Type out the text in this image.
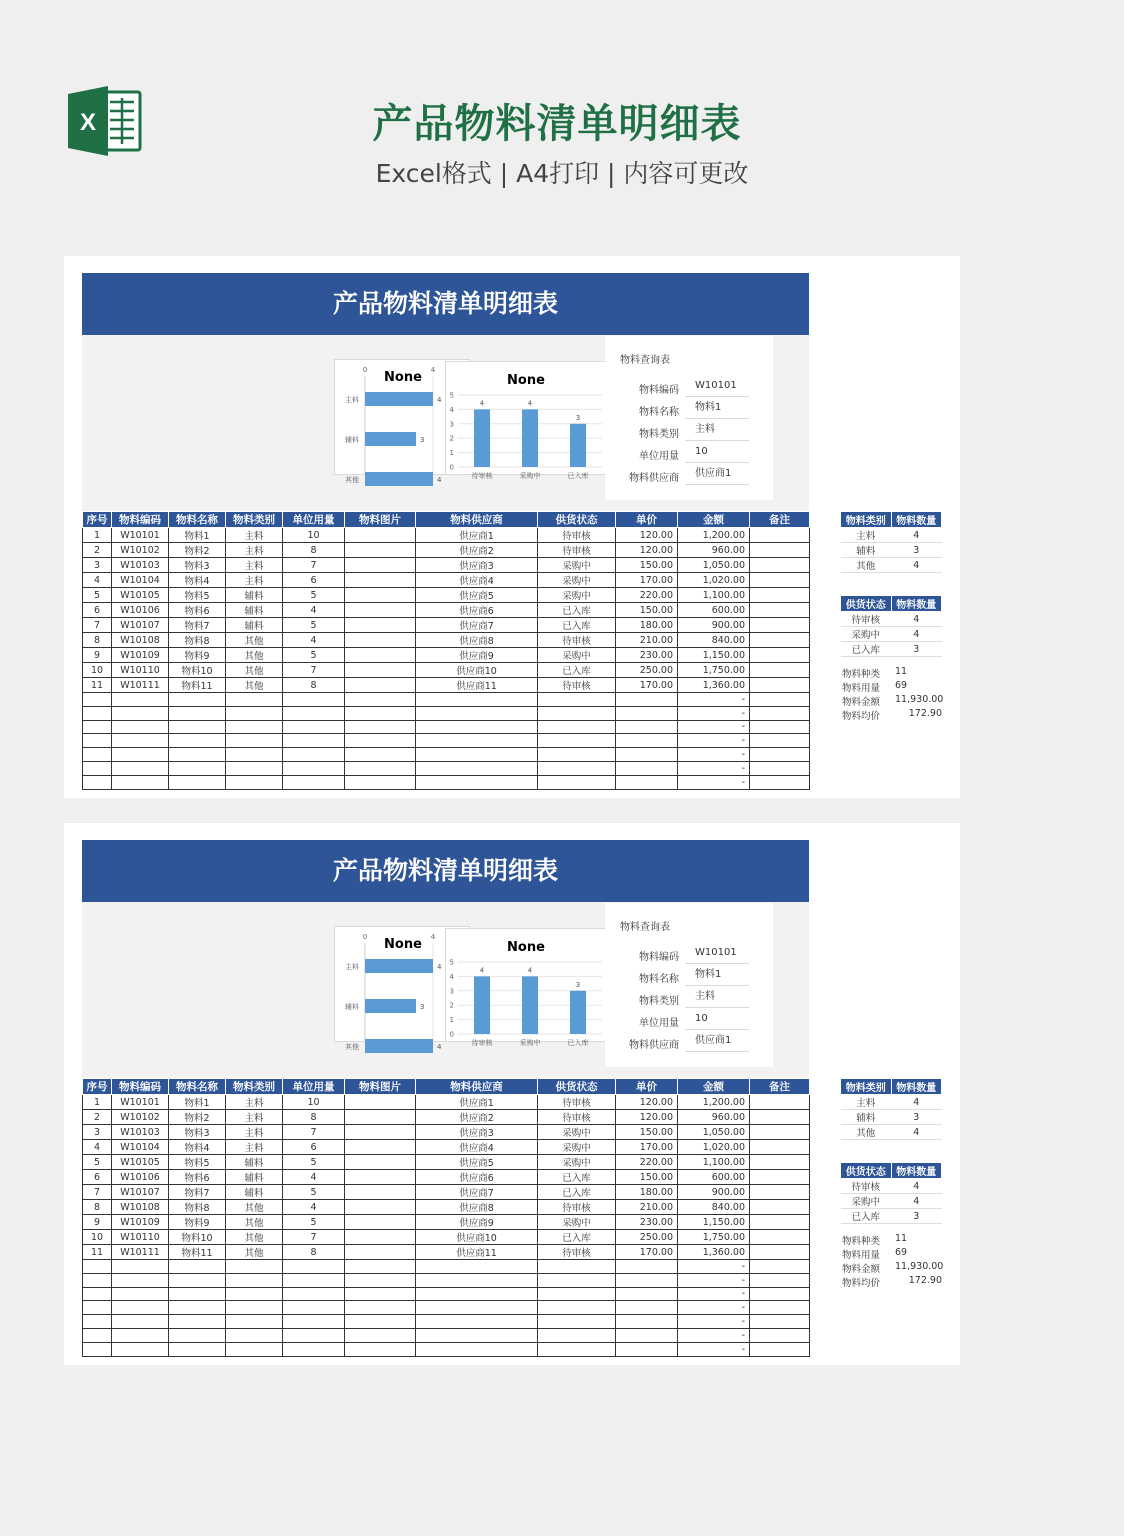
X	产品物料清单明细表
Excel格式 | A4打印 | 内容可更改
产品物料清单明细表
0	4
None
主料	4
辅料	3
其他	4
None
0
1
2
3
4
5
4
待审核
4
采购中
3
已入库
物料查询表
物料编码	W10101
物料名称	物料1
物料类别	主料
单位用量	10
物料供应商	供应商1
序号	物料编码	物料名称	物料类别	单位用量	物料图片	物料供应商	供货状态	单价	金额	备注
1	W10101	物料1	主料	10		供应商1	待审核	120.00	1,200.00	
2	W10102	物料2	主料	8		供应商2	待审核	120.00	960.00	
3	W10103	物料3	主料	7		供应商3	采购中	150.00	1,050.00	
4	W10104	物料4	主料	6		供应商4	采购中	170.00	1,020.00	
5	W10105	物料5	辅料	5		供应商5	采购中	220.00	1,100.00	
6	W10106	物料6	辅料	4		供应商6	已入库	150.00	600.00	
7	W10107	物料7	辅料	5		供应商7	已入库	180.00	900.00	
8	W10108	物料8	其他	4		供应商8	待审核	210.00	840.00	
9	W10109	物料9	其他	5		供应商9	采购中	230.00	1,150.00	
10	W10110	物料10	其他	7		供应商10	已入库	250.00	1,750.00	
11	W10111	物料11	其他	8		供应商11	待审核	170.00	1,360.00	
									-	
									-	
									-	
									-	
									-	
									-	
									-	
物料类别	物料数量
主料	4
辅料	3
其他	4
供货状态	物料数量
待审核	4
采购中	4
已入库	3
物料种类 11
物料用量 69
物料金额 11,930.00
物料均价	172.90
产品物料清单明细表
0	4
None
主料	4
辅料	3
其他	4
None
0
1
2
3
4
5
4
待审核
4
采购中
3
已入库
物料查询表
物料编码	W10101
物料名称	物料1
物料类别	主料
单位用量	10
物料供应商	供应商1
序号	物料编码	物料名称	物料类别	单位用量	物料图片	物料供应商	供货状态	单价	金额	备注
1	W10101	物料1	主料	10		供应商1	待审核	120.00	1,200.00	
2	W10102	物料2	主料	8		供应商2	待审核	120.00	960.00	
3	W10103	物料3	主料	7		供应商3	采购中	150.00	1,050.00	
4	W10104	物料4	主料	6		供应商4	采购中	170.00	1,020.00	
5	W10105	物料5	辅料	5		供应商5	采购中	220.00	1,100.00	
6	W10106	物料6	辅料	4		供应商6	已入库	150.00	600.00	
7	W10107	物料7	辅料	5		供应商7	已入库	180.00	900.00	
8	W10108	物料8	其他	4		供应商8	待审核	210.00	840.00	
9	W10109	物料9	其他	5		供应商9	采购中	230.00	1,150.00	
10	W10110	物料10	其他	7		供应商10	已入库	250.00	1,750.00	
11	W10111	物料11	其他	8		供应商11	待审核	170.00	1,360.00	
									-	
									-	
									-	
									-	
									-	
									-	
									-	
物料类别	物料数量
主料	4
辅料	3
其他	4
供货状态	物料数量
待审核	4
采购中	4
已入库	3
物料种类 11
物料用量 69
物料金额 11,930.00
物料均价	172.90
